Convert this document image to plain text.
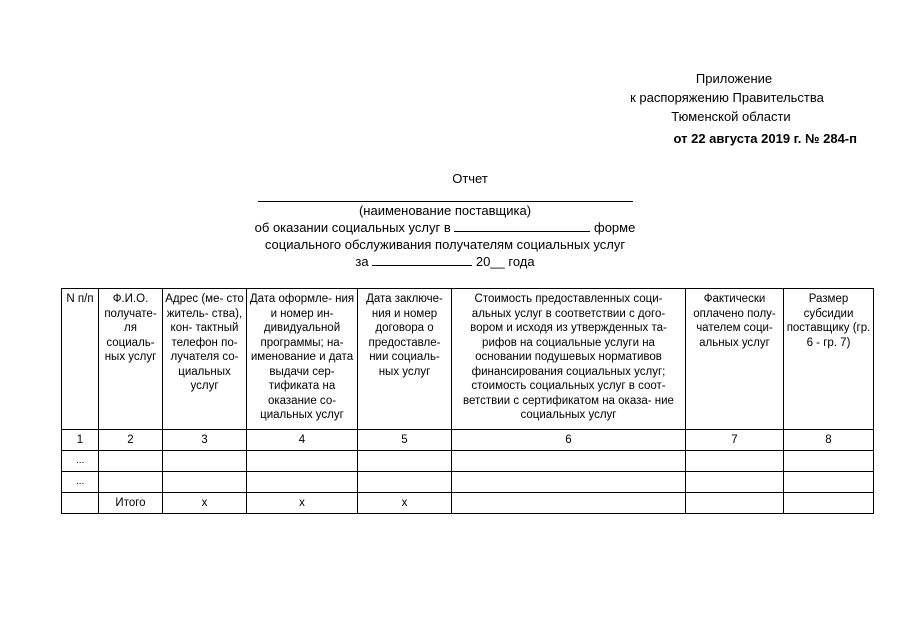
Приложение
к распоряжению Правительства
Тюменской области
от 22 августа 2019 г. № 284-п
Отчет
(наименование поставщика)
об оказании социальных услуг в	форме
социального обслуживания получателям социальных услуг
за	20__ года
N п/п	Ф.И.О. получате- ля социаль- ных услуг	Адрес (ме- сто житель- ства), кон- тактный телефон по- лучателя со- циальных услуг	Дата оформле- ния и номер ин- дивидуальной программы; на- именование и дата выдачи сер- тификата на оказание со- циальных услуг	Дата заключе- ния и номер договора о предоставле- нии социаль- ных услуг	Стоимость предоставленных соци- альных услуг в соответствии с дого- вором и исходя из утвержденных та- рифов на социальные услуги на основании подушевых нормативов финансирования социальных услуг; стоимость социальных услуг в соот- ветствии с сертификатом на оказа- ние социальных услуг	Фактически оплачено полу- чателем соци- альных услуг	Размер субсидии поставщику (гр. 6 - гр. 7)
1	2	3	4	5	6	7	8
...							
...							
	Итого	x	x	x			
